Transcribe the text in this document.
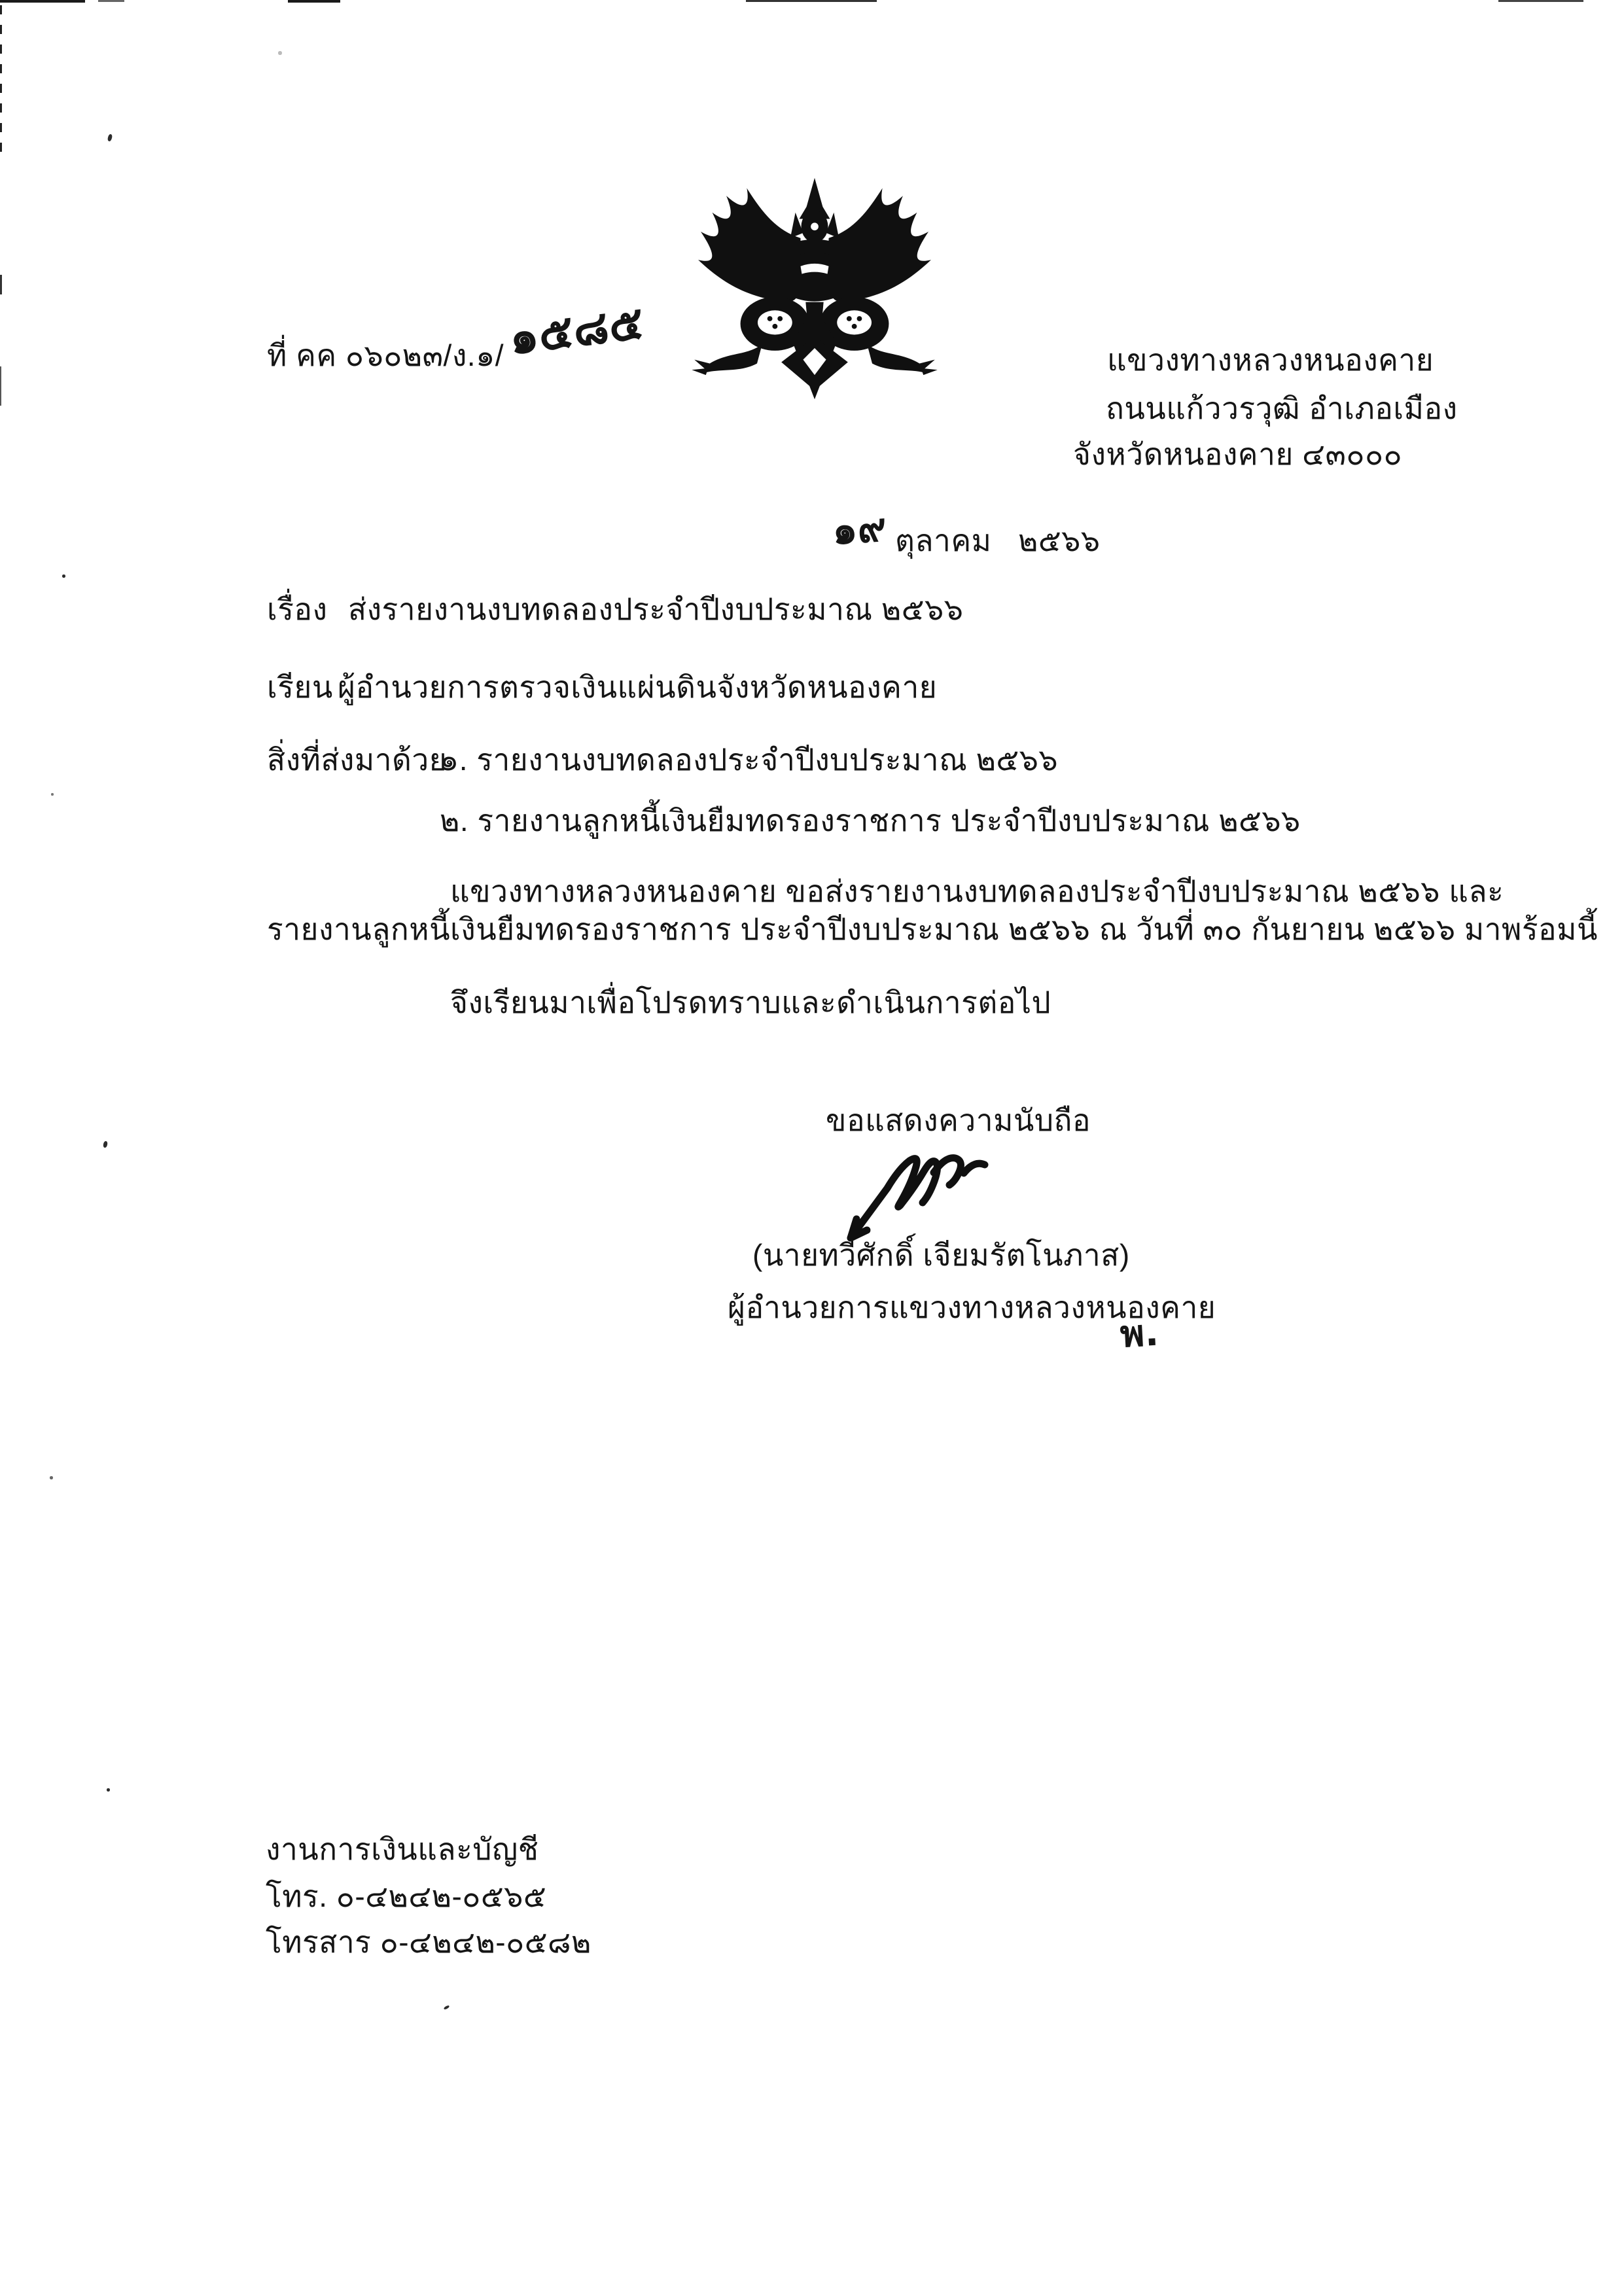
ที่ คค ๐๖๐๒๓/ง.๑/ ๑๕๘๕	แขวงทางหลวงหนองคาย
ถนนแก้ววรวุฒิ อำเภอเมือง
จังหวัดหนองคาย ๔๓๐๐๐
๑๙ ตุลาคม ๒๕๖๖
เรื่อง ส่งรายงานงบทดลองประจำปีงบประมาณ ๒๕๖๖
เรียน ผู้อำนวยการตรวจเงินแผ่นดินจังหวัดหนองคาย
สิ่งที่ส่งมาด้วย
๑. รายงานงบทดลองประจำปีงบประมาณ ๒๕๖๖
๒. รายงานลูกหนี้เงินยืมทดรองราชการ ประจำปีงบประมาณ ๒๕๖๖
แขวงทางหลวงหนองคาย ขอส่งรายงานงบทดลองประจำปีงบประมาณ ๒๕๖๖ และ
รายงานลูกหนี้เงินยืมทดรองราชการ ประจำปีงบประมาณ ๒๕๖๖ ณ วันที่ ๓๐ กันยายน ๒๕๖๖ มาพร้อมนี้
จึงเรียนมาเพื่อโปรดทราบและดำเนินการต่อไป
ขอแสดงความนับถือ
(นายทวีศักดิ์ เจียมรัตโนภาส)
ผู้อำนวยการแขวงทางหลวงหนองคาย
พ.
งานการเงินและบัญชี
โทร. ๐-๔๒๔๒-๐๕๖๕
โทรสาร ๐-๔๒๔๒-๐๕๘๒
